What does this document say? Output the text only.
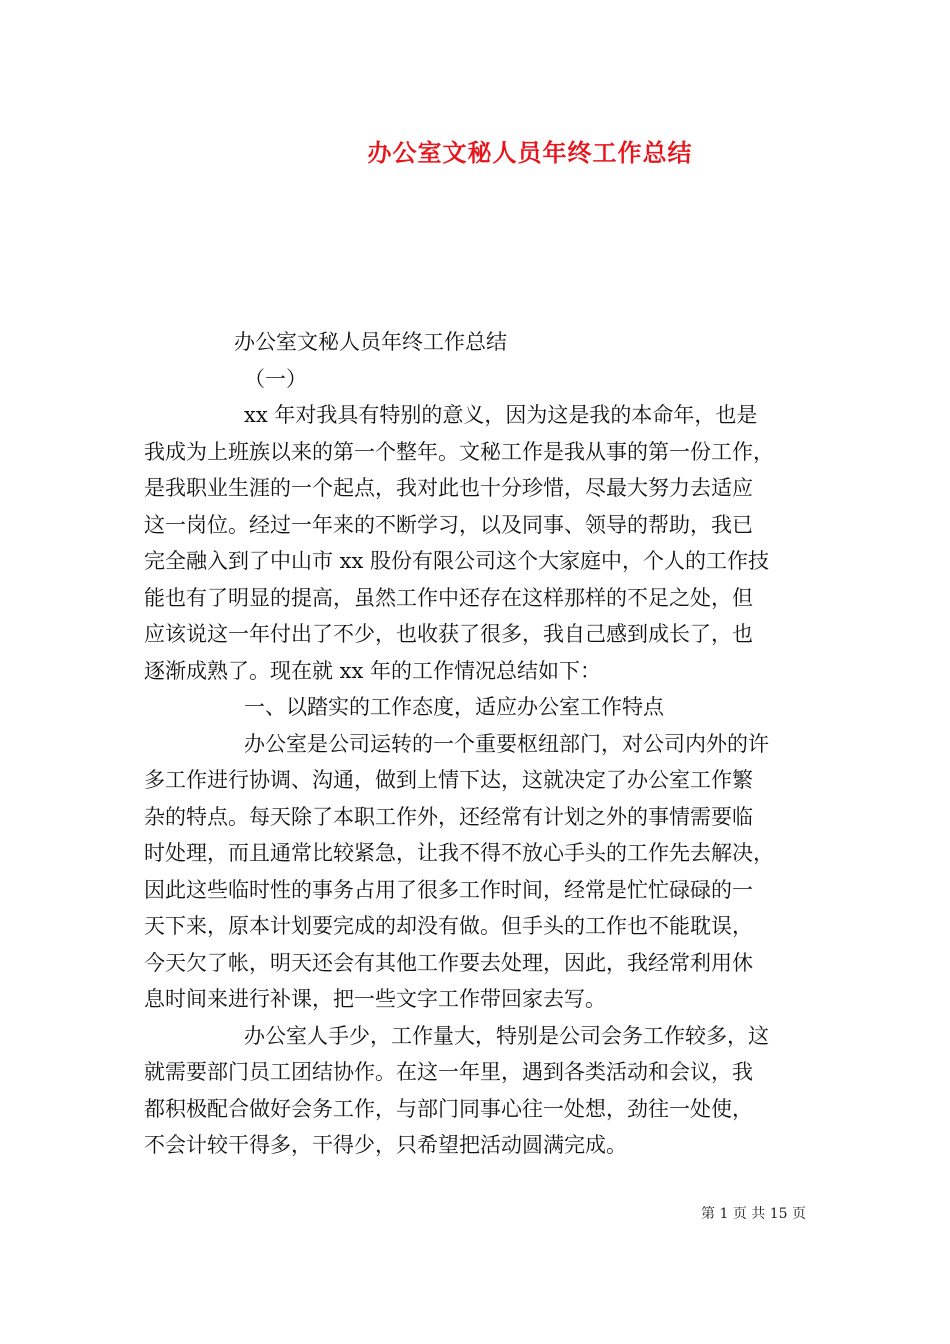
办公室文秘人员年终工作总结
办公室文秘人员年终工作总结
（一）
xx 年对我具有特别的意义，因为这是我的本命年，也是
我成为上班族以来的第一个整年。文秘工作是我从事的第一份工作，
是我职业生涯的一个起点，我对此也十分珍惜，尽最大努力去适应
这一岗位。经过一年来的不断学习，以及同事、领导的帮助，我已
完全融入到了中山市 xx 股份有限公司这个大家庭中，个人的工作技
能也有了明显的提高，虽然工作中还存在这样那样的不足之处，但
应该说这一年付出了不少，也收获了很多，我自己感到成长了，也
逐渐成熟了。现在就 xx 年的工作情况总结如下：
一、以踏实的工作态度，适应办公室工作特点
办公室是公司运转的一个重要枢纽部门，对公司内外的许
多工作进行协调、沟通，做到上情下达，这就决定了办公室工作繁
杂的特点。每天除了本职工作外，还经常有计划之外的事情需要临
时处理，而且通常比较紧急，让我不得不放心手头的工作先去解决，
因此这些临时性的事务占用了很多工作时间，经常是忙忙碌碌的一
天下来，原本计划要完成的却没有做。但手头的工作也不能耽误，
今天欠了帐，明天还会有其他工作要去处理，因此，我经常利用休
息时间来进行补课，把一些文字工作带回家去写。
办公室人手少，工作量大，特别是公司会务工作较多，这
就需要部门员工团结协作。在这一年里，遇到各类活动和会议，我
都积极配合做好会务工作，与部门同事心往一处想，劲往一处使，
不会计较干得多，干得少，只希望把活动圆满完成。
第 1 页 共 15 页
